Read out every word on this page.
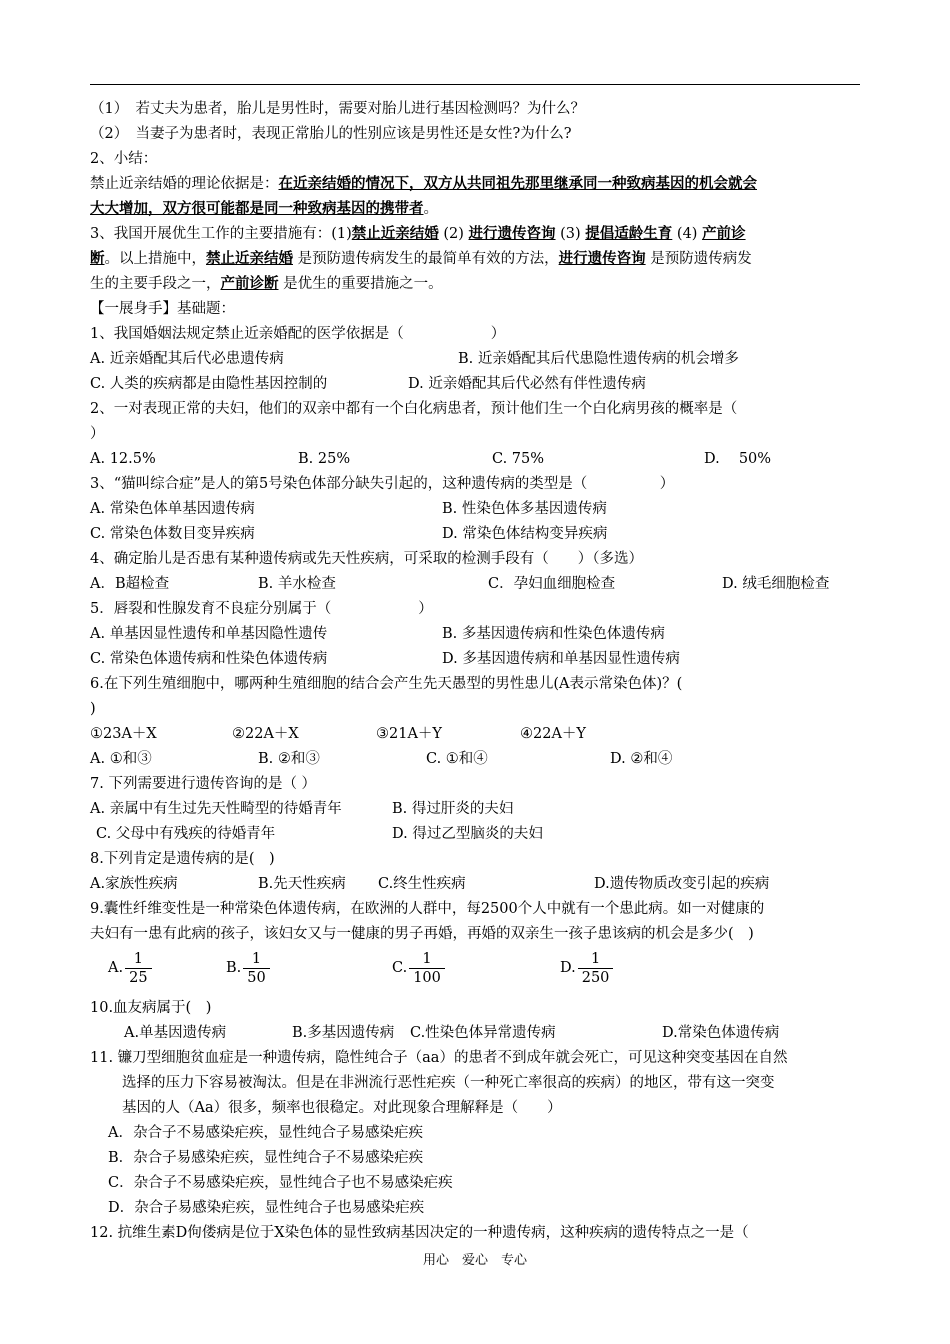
（1）　若丈夫为患者，胎儿是男性时，需要对胎儿进行基因检测吗？为什么？
（2）　当妻子为患者时，表现正常胎儿的性别应该是男性还是女性?为什么?
2、小结：
禁止近亲结婚的理论依据是：在近亲结婚的情况下，双方从共同祖先那里继承同一种致病基因的机会就会
大大增加，双方很可能都是同一种致病基因的携带者。
3、我国开展优生工作的主要措施有：(1)禁止近亲结婚 (2) 进行遗传咨询 (3) 提倡适龄生育 (4) 产前诊
断。以上措施中，禁止近亲结婚 是预防遗传病发生的最简单有效的方法，进行遗传咨询 是预防遗传病发
生的主要手段之一，产前诊断 是优生的重要措施之一。
【一展身手】基础题：
1、我国婚姻法规定禁止近亲婚配的医学依据是（　　　　　　）
A. 近亲婚配其后代必患遗传病	B. 近亲婚配其后代患隐性遗传病的机会增多
C. 人类的疾病都是由隐性基因控制的	D. 近亲婚配其后代必然有伴性遗传病
2、一对表现正常的夫妇，他们的双亲中都有一个白化病患者，预计他们生一个白化病男孩的概率是（
）
A. 12.5%	B. 25%	C. 75%	D.　 50%
3、“猫叫综合症”是人的第5号染色体部分缺失引起的，这种遗传病的类型是（　　　　　）
A. 常染色体单基因遗传病	B. 性染色体多基因遗传病
C. 常染色体数目变异疾病	D. 常染色体结构变异疾病
4、确定胎儿是否患有某种遗传病或先天性疾病，可采取的检测手段有（　　）（多选）
A．B超检查	B. 羊水检查	C．孕妇血细胞检查	D. 绒毛细胞检查
5．唇裂和性腺发育不良症分别属于（　　　　　　）
A. 单基因显性遗传和单基因隐性遗传	B. 多基因遗传病和性染色体遗传病
C. 常染色体遗传病和性染色体遗传病	D. 多基因遗传病和单基因显性遗传病
6.在下列生殖细胞中，哪两种生殖细胞的结合会产生先天愚型的男性患儿(A表示常染色体)？(
)
①23A＋X	②22A＋X	③21A＋Y	④22A＋Y
A. ①和③	B. ②和③	C. ①和④	D. ②和④
7. 下列需要进行遗传咨询的是（ ）
A. 亲属中有生过先天性畸型的待婚青年	B. 得过肝炎的夫妇
C. 父母中有残疾的待婚青年	D. 得过乙型脑炎的夫妇
8.下列肯定是遗传病的是(　)
A.家族性疾病	B.先天性疾病 C.终生性疾病	D.遗传物质改变引起的疾病
9.囊性纤维变性是一种常染色体遗传病，在欧洲的人群中，每2500个人中就有一个患此病。如一对健康的
夫妇有一患有此病的孩子，该妇女又与一健康的男子再婚，再婚的双亲生一孩子患该病的机会是多少(　)
A. $\frac{1}{25}$	B. $\frac{1}{50}$	C. $\frac{1}{100}$	D. $\frac{1}{250}$
10.血友病属于(　)
A.单基因遗传病	B.多基因遗传病 C.性染色体异常遗传病	D.常染色体遗传病
11. 镰刀型细胞贫血症是一种遗传病，隐性纯合子（aa）的患者不到成年就会死亡，可见这种突变基因在自然
选择的压力下容易被淘汰。但是在非洲流行恶性疟疾（一种死亡率很高的疾病）的地区，带有这一突变
基因的人（Aa）很多，频率也很稳定。对此现象合理解释是（　　）
A．杂合子不易感染疟疾，显性纯合子易感染疟疾
B．杂合子易感染疟疾，显性纯合子不易感染疟疾
C．杂合子不易感染疟疾，显性纯合子也不易感染疟疾
D．杂合子易感染疟疾，显性纯合子也易感染疟疾
12. 抗维生素D佝偻病是位于X染色体的显性致病基因决定的一种遗传病，这种疾病的遗传特点之一是（
用心　爱心　专心
